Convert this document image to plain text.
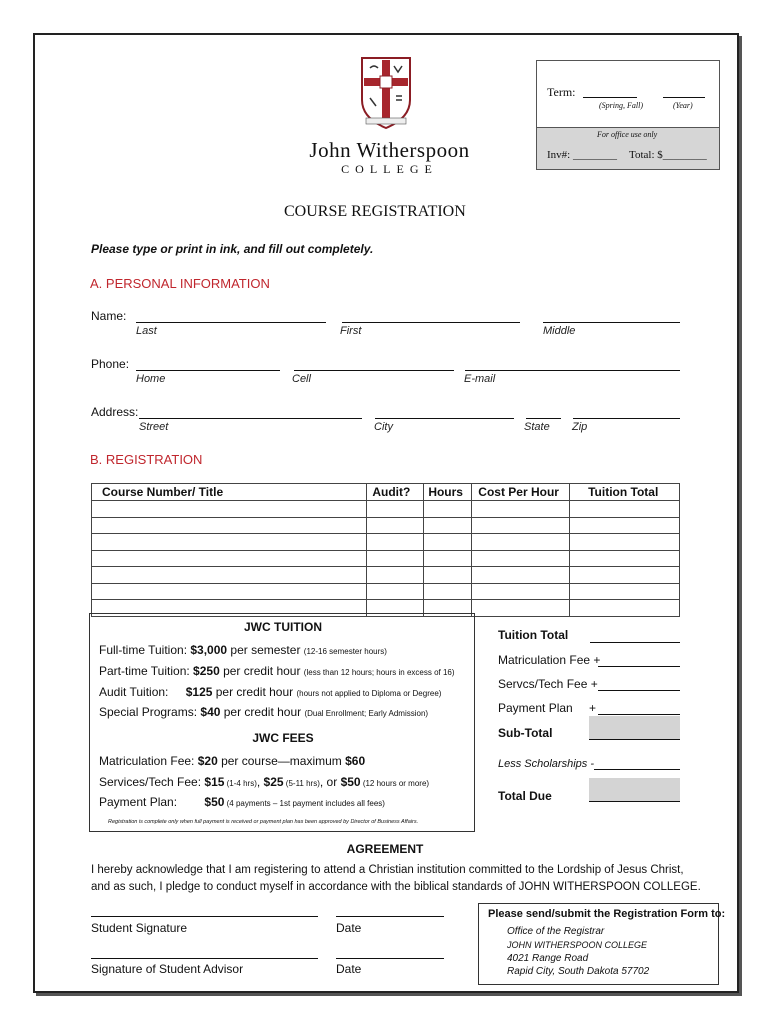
John Witherspoon
COLLEGE
Term:
(Spring, Fall)	(Year)
For office use only
Inv#: ________ Total: $________
COURSE REGISTRATION
Please type or print in ink, and fill out completely.
A. PERSONAL INFORMATION
Name:
Last	First	Middle
Phone:
Home	Cell	E-mail
Address:
Street	City	State Zip
B. REGISTRATION
Course Number/ Title	Audit?	Hours	Cost Per Hour	Tuition Total

JWC TUITION
Full-time Tuition: $3,000 per semester (12-16 semester hours)
Part-time Tuition: $250 per credit hour (less than 12 hours; hours in excess of 16)
Audit Tuition: $125 per credit hour (hours not applied to Diploma or Degree)
Special Programs: $40 per credit hour (Dual Enrollment; Early Admission)
JWC FEES
Matriculation Fee: $20 per course—maximum $60
Services/Tech Fee: $15 (1-4 hrs), $25 (5-11 hrs), or $50 (12 hours or more)
Payment Plan: $50 (4 payments – 1st payment includes all fees)
Registration is complete only when full payment is received or payment plan has been approved by Director of Business Affairs.
Tuition Total
Matriculation Fee +
Servcs/Tech Fee +
Payment Plan +
Sub-Total
Less Scholarships -
Total Due
AGREEMENT
I hereby acknowledge that I am registering to attend a Christian institution committed to the Lordship of Jesus Christ,
and as such, I pledge to conduct myself in accordance with the biblical standards of JOHN WITHERSPOON COLLEGE.
Student Signature	Date
Signature of Student Advisor	Date
Please send/submit the Registration Form to:
Office of the Registrar
JOHN WITHERSPOON COLLEGE
4021 Range Road
Rapid City, South Dakota 57702
